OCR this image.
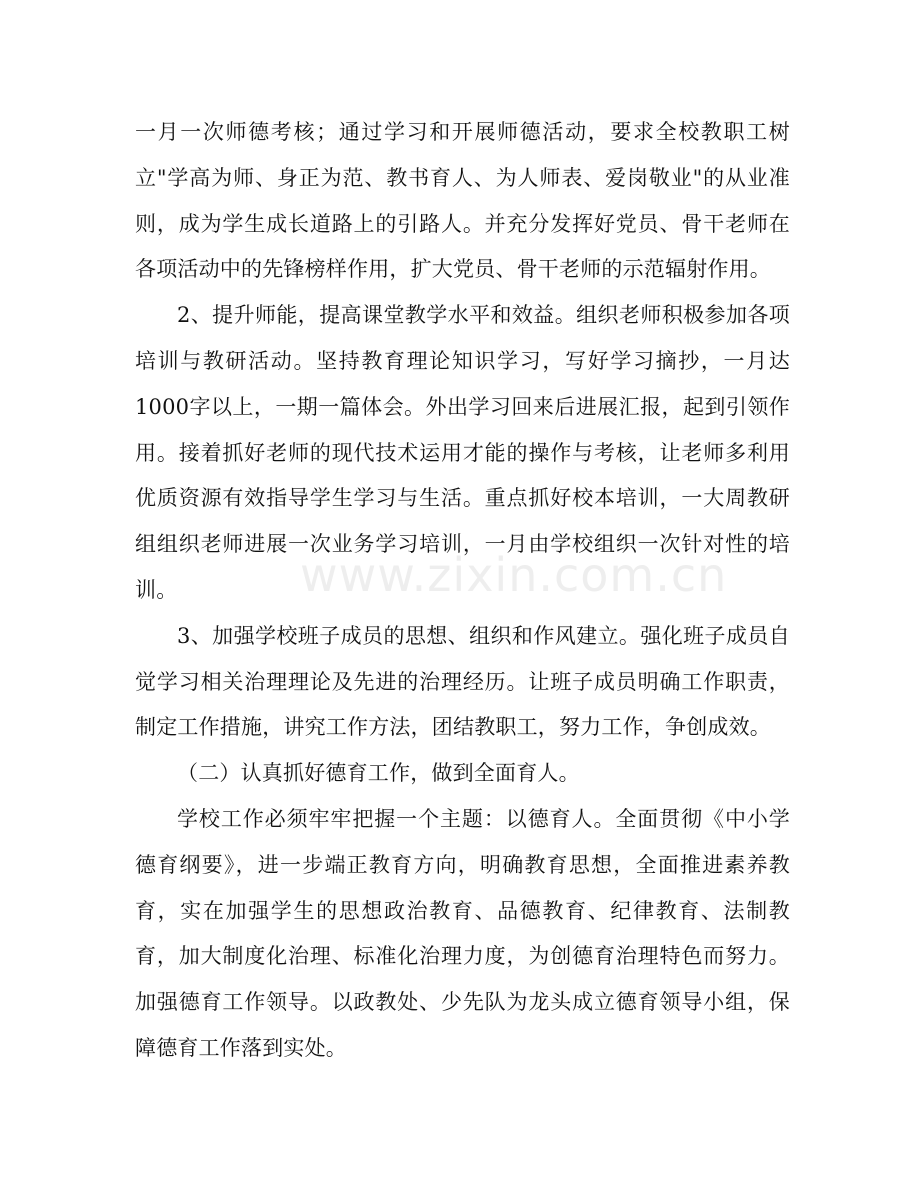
www.zixin.com.cn

一月一次师德考核；通过学习和开展师德活动，要求全校教职工树立"学高为师、身正为范、教书育人、为人师表、爱岗敬业"的从业准则，成为学生成长道路上的引路人。并充分发挥好党员、骨干老师在各项活动中的先锋榜样作用，扩大党员、骨干老师的示范辐射作用。

2、提升师能，提高课堂教学水平和效益。组织老师积极参加各项培训与教研活动。坚持教育理论知识学习，写好学习摘抄，一月达1000字以上，一期一篇体会。外出学习回来后进展汇报，起到引领作用。接着抓好老师的现代技术运用才能的操作与考核，让老师多利用优质资源有效指导学生学习与生活。重点抓好校本培训，一大周教研组组织老师进展一次业务学习培训，一月由学校组织一次针对性的培训。

3、加强学校班子成员的思想、组织和作风建立。强化班子成员自觉学习相关治理理论及先进的治理经历。让班子成员明确工作职责，制定工作措施，讲究工作方法，团结教职工，努力工作，争创成效。

（二）认真抓好德育工作，做到全面育人。

学校工作必须牢牢把握一个主题：以德育人。全面贯彻《中小学德育纲要》，进一步端正教育方向，明确教育思想，全面推进素养教育，实在加强学生的思想政治教育、品德教育、纪律教育、法制教育，加大制度化治理、标准化治理力度，为创德育治理特色而努力。加强德育工作领导。以政教处、少先队为龙头成立德育领导小组，保障德育工作落到实处。
